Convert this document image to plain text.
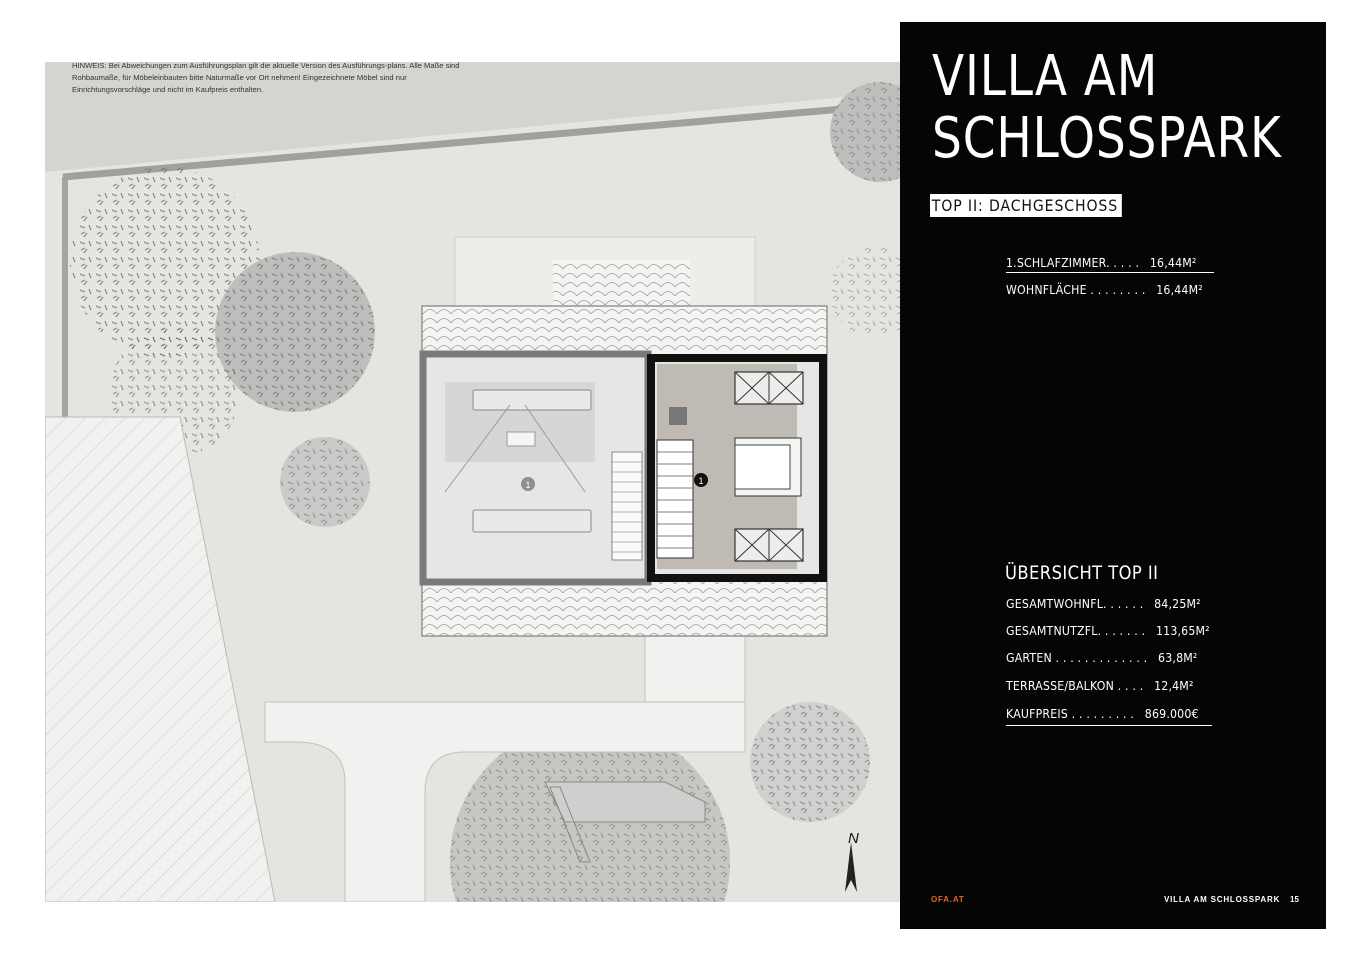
1	1
HINWEIS: Bei Abweichungen zum Ausführungsplan gilt die aktuelle Version des Ausführungs-plans. Alle Maße sind Rohbaumaße, für Möbeleinbauten bitte Naturmaße vor Ort nehmen! Eingezeichnete Möbel sind nur Einrichtungsvorschläge und nicht im Kaufpreis enthalten.
N
VILLA AM
SCHLOSSPARK
TOP II: DACHGESCHOSS
1.SCHLAFZIMMER. . . . . 16,44M²
WOHNFLÄCHE . . . . . . . . 16,44M²
ÜBERSICHT TOP II
GESAMTWOHNFL. . . . . . 84,25M²
GESAMTNUTZFL. . . . . . . 113,65M²
GARTEN . . . . . . . . . . . . . 63,8M²
TERRASSE/BALKON . . . . 12,4M²
KAUFPREIS . . . . . . . . . 869.000€
OFA.AT	VILLA AM SCHLOSSPARK 15
